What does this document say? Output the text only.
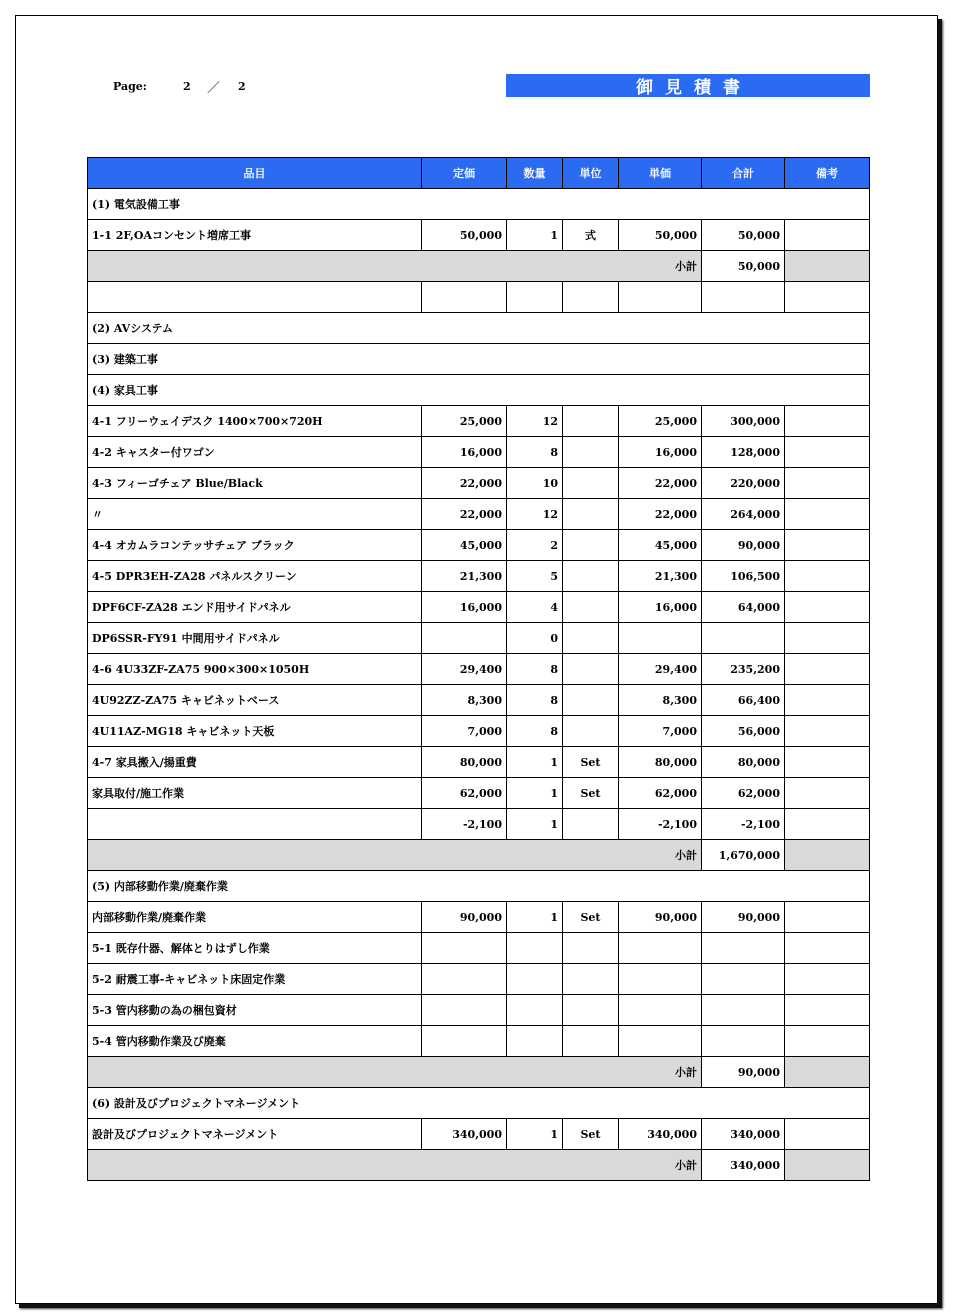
Page:	2 ／ 2	御見積書
品目	定価	数量	単位	単価	合計	備考
(1) 電気設備工事						
1-1 2F,OAコンセント増席工事	50,000	1	式	50,000	50,000	
小計					50,000	

(2) AVシステム						
(3) 建築工事						
(4) 家具工事						
4-1 フリーウェイデスク 1400×700×720H	25,000	12		25,000	300,000	
4-2 キャスター付ワゴン	16,000	8		16,000	128,000	
4-3 フィーゴチェア Blue/Black	22,000	10		22,000	220,000	
〃	22,000	12		22,000	264,000	
4-4 オカムラコンテッサチェア ブラック	45,000	2		45,000	90,000	
4-5 DPR3EH-ZA28 パネルスクリーン	21,300	5		21,300	106,500	
DPF6CF-ZA28 エンド用サイドパネル	16,000	4		16,000	64,000	
DP6SSR-FY91 中間用サイドパネル		0				
4-6 4U33ZF-ZA75 900×300×1050H	29,400	8		29,400	235,200	
4U92ZZ-ZA75 キャビネットベース	8,300	8		8,300	66,400	
4U11AZ-MG18 キャビネット天板	7,000	8		7,000	56,000	
4-7 家具搬入/揚重費	80,000	1	Set	80,000	80,000	
家具取付/施工作業	62,000	1	Set	62,000	62,000	
	-2,100	1		-2,100	-2,100	
小計					1,670,000	
(5) 内部移動作業/廃棄作業						
内部移動作業/廃棄作業	90,000	1	Set	90,000	90,000	
5-1 既存什器、解体とりはずし作業						
5-2 耐震工事-キャビネット床固定作業						
5-3 管内移動の為の梱包資材						
5-4 管内移動作業及び廃棄						
小計					90,000	
(6) 設計及びプロジェクトマネージメント						
設計及びプロジェクトマネージメント	340,000	1	Set	340,000	340,000	
小計					340,000	
